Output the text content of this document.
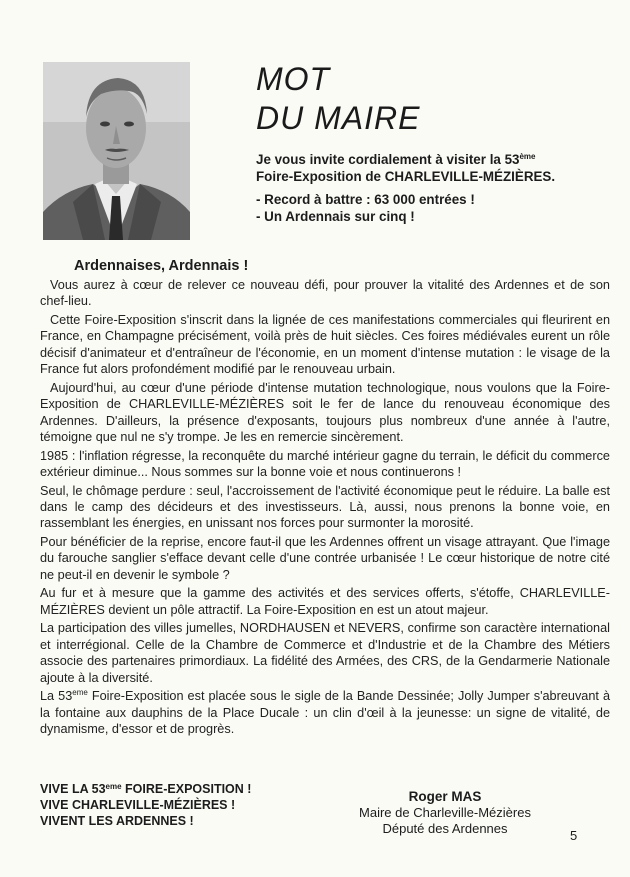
MOT
DU MAIRE

Je vous invite cordialement à visiter la 53ème

Foire-Exposition de CHARLEVILLE-MÉZIÈRES.

- Record à battre : 63 000 entrées !
- Un Ardennais sur cinq !
Ardennaises, Ardennais !

Vous aurez à cœur de relever ce nouveau défi, pour prouver la vitalité des Ardennes et de son chef-lieu.

Cette Foire-Exposition s'inscrit dans la lignée de ces manifestations commerciales qui fleurirent en France, en Champagne précisément, voilà près de huit siècles. Ces foires médiévales eurent un rôle décisif d'animateur et d'entraîneur de l'économie, en un moment d'intense mutation : le visage de la France fut alors profondément modifié par le renouveau urbain.

Aujourd'hui, au cœur d'une période d'intense mutation technologique, nous voulons que la Foire-Exposition de CHARLEVILLE-MÉZIÈRES soit le fer de lance du renouveau économique des Ardennes. D'ailleurs, la présence d'exposants, toujours plus nombreux d'une année à l'autre, témoigne que nul ne s'y trompe. Je les en remercie sincèrement.

1985 : l'inflation régresse, la reconquête du marché intérieur gagne du terrain, le déficit du commerce extérieur diminue... Nous sommes sur la bonne voie et nous continuerons !

Seul, le chômage perdure : seul, l'accroissement de l'activité économique peut le réduire. La balle est dans le camp des décideurs et des investisseurs. Là, aussi, nous prenons la bonne voie, en rassemblant les énergies, en unissant nos forces pour surmonter la morosité.

Pour bénéficier de la reprise, encore faut-il que les Ardennes offrent un visage attrayant. Que l'image du farouche sanglier s'efface devant celle d'une contrée urbanisée ! Le cœur historique de notre cité ne peut-il en devenir le symbole ?

Au fur et à mesure que la gamme des activités et des services offerts, s'étoffe, CHARLEVILLE-MÉZIÈRES devient un pôle attractif. La Foire-Exposition en est un atout majeur.

La participation des villes jumelles, NORDHAUSEN et NEVERS, confirme son caractère international et interrégional. Celle de la Chambre de Commerce et d'Industrie et de la Chambre des Métiers associe des partenaires primordiaux. La fidélité des Armées, des CRS, de la Gendarmerie Nationale ajoute à la diversité.

La 53eme Foire-Exposition est placée sous le sigle de la Bande Dessinée; Jolly Jumper s'abreuvant à la fontaine aux dauphins de la Place Ducale : un clin d'œil à la jeunesse: un signe de vitalité, de dynamisme, d'essor et de progrès.

VIVE LA 53eme FOIRE-EXPOSITION !
VIVE CHARLEVILLE-MÉZIÈRES !
VIVENT LES ARDENNES !
Roger MAS
Maire de Charleville-Mézières
Député des Ardennes	5
